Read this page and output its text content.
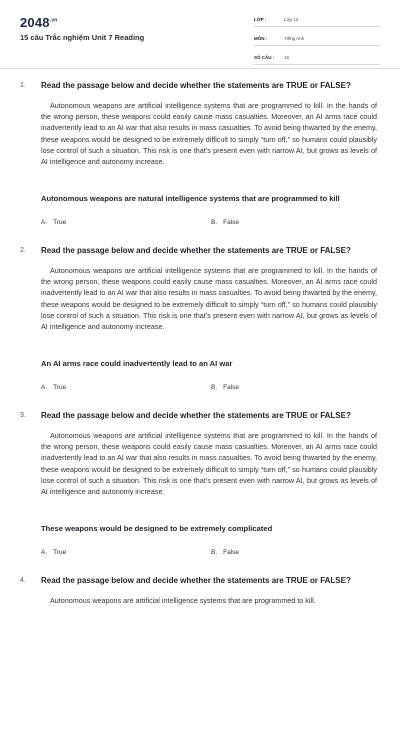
$2048^{.vn}$
15 câu Trắc nghiệm Unit 7 Reading
LỚP :	Lớp 12
MÔN :	Tiếng Anh
SỐ CÂU :	15
1. Read the passage below and decide whether the statements are TRUE or FALSE?

Autonomous weapons are artificial intelligence systems that are programmed to kill. In the hands of the wrong person, these weapons could easily cause mass casualties. Moreover, an AI arms race could inadvertently lead to an AI war that also results in mass casualties. To avoid being thwarted by the enemy, these weapons would be designed to be extremely difficult to simply “turn off,” so humans could plausibly lose control of such a situation. This risk is one that’s present even with narrow AI, but grows as levels of AI intelligence and autonomy increase.

Autonomous weapons are natural intelligence systems that are programmed to kill
A. True	B. False
2. Read the passage below and decide whether the statements are TRUE or FALSE?

Autonomous weapons are artificial intelligence systems that are programmed to kill. In the hands of the wrong person, these weapons could easily cause mass casualties. Moreover, an AI arms race could inadvertently lead to an AI war that also results in mass casualties. To avoid being thwarted by the enemy, these weapons would be designed to be extremely difficult to simply “turn off,” so humans could plausibly lose control of such a situation. This risk is one that’s present even with narrow AI, but grows as levels of AI intelligence and autonomy increase.

An AI arms race could inadvertently lead to an AI war
A. True	B. False
3. Read the passage below and decide whether the statements are TRUE or FALSE?

Autonomous weapons are artificial intelligence systems that are programmed to kill. In the hands of the wrong person, these weapons could easily cause mass casualties. Moreover, an AI arms race could inadvertently lead to an AI war that also results in mass casualties. To avoid being thwarted by the enemy, these weapons would be designed to be extremely difficult to simply “turn off,” so humans could plausibly lose control of such a situation. This risk is one that’s present even with narrow AI, but grows as levels of AI intelligence and autonomy increase.

These weapons would be designed to be extremely complicated
A. True	B. False
4. Read the passage below and decide whether the statements are TRUE or FALSE?

Autonomous weapons are artificial intelligence systems that are programmed to kill.
